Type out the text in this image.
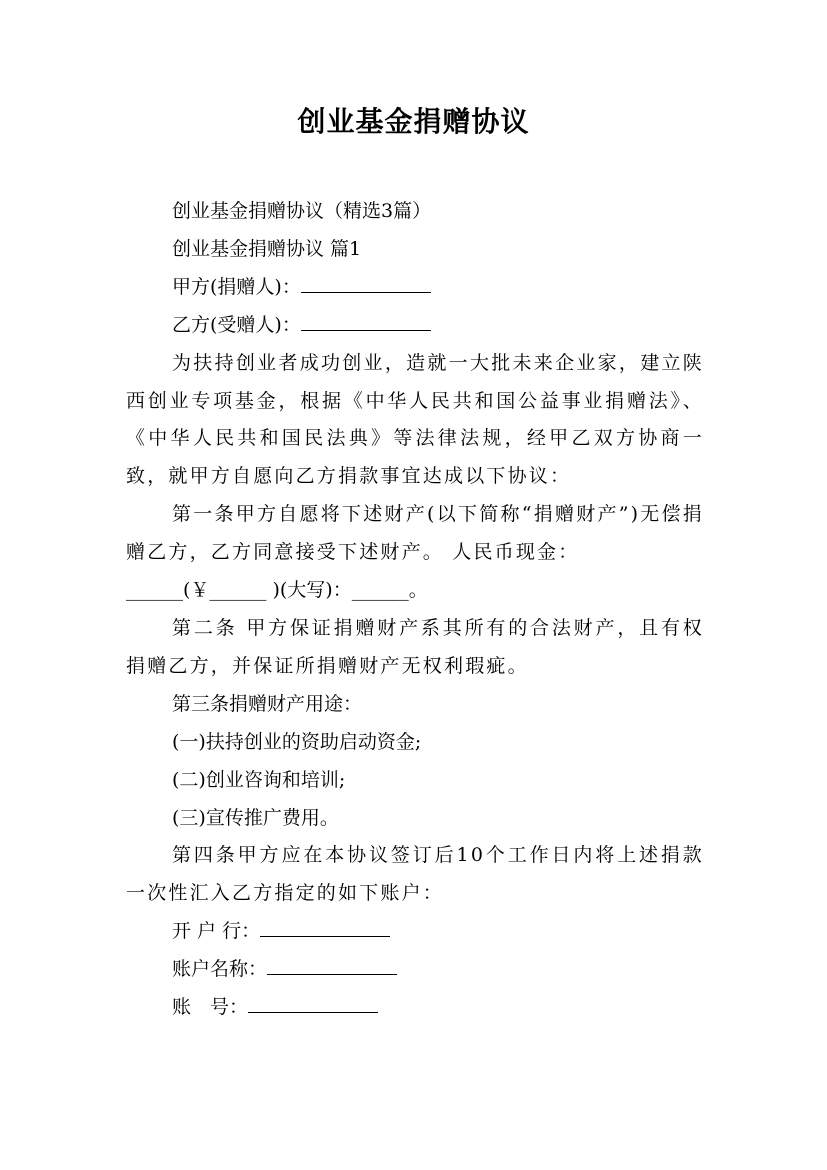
创业基金捐赠协议

创业基金捐赠协议（精选3篇）

创业基金捐赠协议 篇1

甲方(捐赠人)：

乙方(受赠人)：

为扶持创业者成功创业，造就一大批未来企业家，建立陕西创业专项基金，根据《中华人民共和国公益事业捐赠法》、《中华人民共和国民法典》等法律法规，经甲乙双方协商一致，就甲方自愿向乙方捐款事宜达成以下协议：

第一条甲方自愿将下述财产(以下简称“捐赠财产”)无偿捐赠乙方，乙方同意接受下述财产。 人民币现金：

______(￥______ )(大写)：______。

第二条 甲方保证捐赠财产系其所有的合法财产，且有权捐赠乙方，并保证所捐赠财产无权利瑕疵。

第三条捐赠财产用途：

(一)扶持创业的资助启动资金;

(二)创业咨询和培训;

(三)宣传推广费用。

第四条甲方应在本协议签订后10个工作日内将上述捐款一次性汇入乙方指定的如下账户：

开 户 行：

账户名称：

账　号：
